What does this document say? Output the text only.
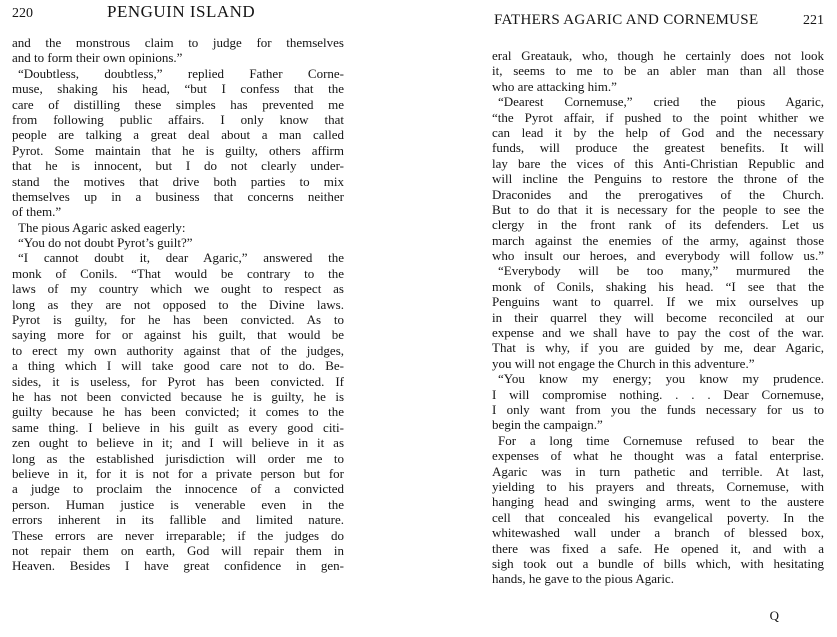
220	PENGUIN ISLAND
and the monstrous claim to judge for themselves
and to form their own opinions.”
“Doubtless, doubtless,” replied Father Corne-
muse, shaking his head, “but I confess that the
care of distilling these simples has prevented me
from following public affairs. I only know that
people are talking a great deal about a man called
Pyrot. Some maintain that he is guilty, others affirm
that he is innocent, but I do not clearly under-
stand the motives that drive both parties to mix
themselves up in a business that concerns neither
of them.”
The pious Agaric asked eagerly:
“You do not doubt Pyrot’s guilt?”
“I cannot doubt it, dear Agaric,” answered the
monk of Conils. “That would be contrary to the
laws of my country which we ought to respect as
long as they are not opposed to the Divine laws.
Pyrot is guilty, for he has been convicted. As to
saying more for or against his guilt, that would be
to erect my own authority against that of the judges,
a thing which I will take good care not to do. Be-
sides, it is useless, for Pyrot has been convicted. If
he has not been convicted because he is guilty, he is
guilty because he has been convicted; it comes to the
same thing. I believe in his guilt as every good citi-
zen ought to believe in it; and I will believe in it as
long as the established jurisdiction will order me to
believe in it, for it is not for a private person but for
a judge to proclaim the innocence of a convicted
person. Human justice is venerable even in the
errors inherent in its fallible and limited nature.
These errors are never irreparable; if the judges do
not repair them on earth, God will repair them in
Heaven. Besides I have great confidence in gen-
FATHERS AGARIC AND CORNEMUSE	221
eral Greatauk, who, though he certainly does not look
it, seems to me to be an abler man than all those
who are attacking him.”
“Dearest Cornemuse,” cried the pious Agaric,
“the Pyrot affair, if pushed to the point whither we
can lead it by the help of God and the necessary
funds, will produce the greatest benefits. It will
lay bare the vices of this Anti-Christian Republic and
will incline the Penguins to restore the throne of the
Draconides and the prerogatives of the Church.
But to do that it is necessary for the people to see the
clergy in the front rank of its defenders. Let us
march against the enemies of the army, against those
who insult our heroes, and everybody will follow us.”
“Everybody will be too many,” murmured the
monk of Conils, shaking his head. “I see that the
Penguins want to quarrel. If we mix ourselves up
in their quarrel they will become reconciled at our
expense and we shall have to pay the cost of the war.
That is why, if you are guided by me, dear Agaric,
you will not engage the Church in this adventure.”
“You know my energy; you know my prudence.
I will compromise nothing. . . . Dear Cornemuse,
I only want from you the funds necessary for us to
begin the campaign.”
For a long time Cornemuse refused to bear the
expenses of what he thought was a fatal enterprise.
Agaric was in turn pathetic and terrible. At last,
yielding to his prayers and threats, Cornemuse, with
hanging head and swinging arms, went to the austere
cell that concealed his evangelical poverty. In the
whitewashed wall under a branch of blessed box,
there was fixed a safe. He opened it, and with a
sigh took out a bundle of bills which, with hesitating
hands, he gave to the pious Agaric.
Q
